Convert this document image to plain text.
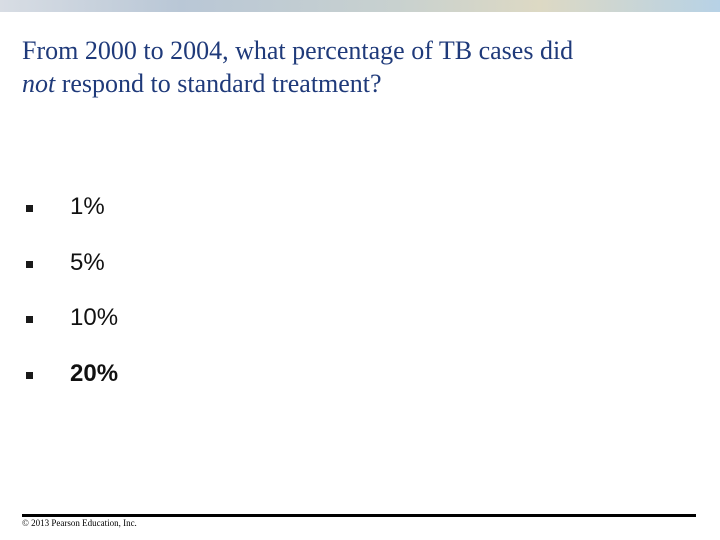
From 2000 to 2004, what percentage of TB cases did
not respond to standard treatment?
1%
5%
10%
20%
© 2013 Pearson Education, Inc.
